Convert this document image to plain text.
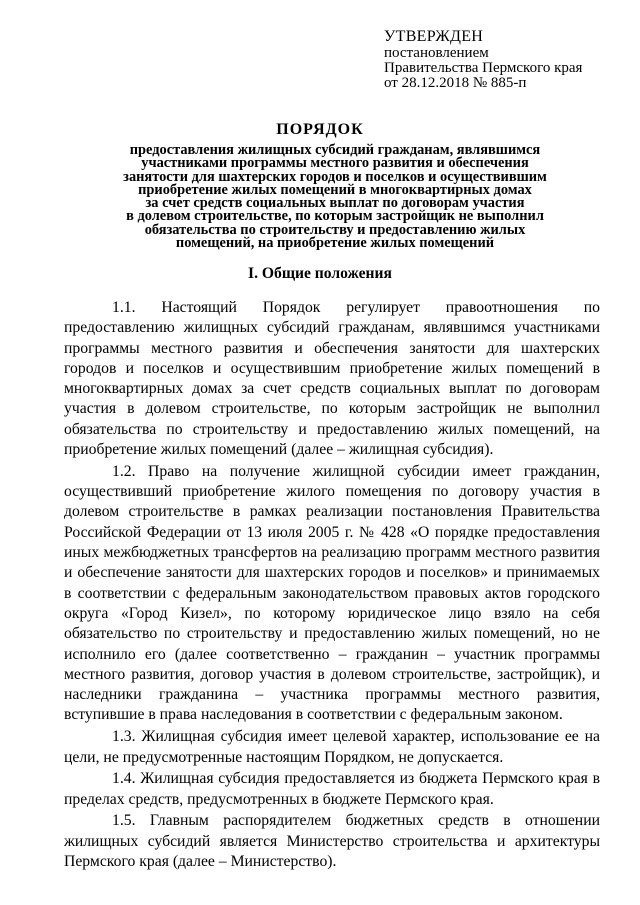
УТВЕРЖДЕН
постановлением
Правительства Пермского края
от 28.12.2018 № 885-п
ПОРЯДОК
предоставления жилищных субсидий гражданам, являвшимся
участниками программы местного развития и обеспечения
занятости для шахтерских городов и поселков и осуществившим
приобретение жилых помещений в многоквартирных домах
за счет средств социальных выплат по договорам участия
в долевом строительстве, по которым застройщик не выполнил
обязательства по строительству и предоставлению жилых
помещений, на приобретение жилых помещений
I. Общие положения

1.1. Настоящий Порядок регулирует правоотношения по предоставлению жилищных субсидий гражданам, являвшимся участниками программы местного развития и обеспечения занятости для шахтерских городов и поселков и осуществившим приобретение жилых помещений в многоквартирных домах за счет средств социальных выплат по договорам участия в долевом строительстве, по которым застройщик не выполнил обязательства по строительству и предоставлению жилых помещений, на приобретение жилых помещений (далее – жилищная субсидия).

1.2. Право на получение жилищной субсидии имеет гражданин, осуществивший приобретение жилого помещения по договору участия в долевом строительстве в рамках реализации постановления Правительства Российской Федерации от 13 июля 2005 г. № 428 «О порядке предоставления иных межбюджетных трансфертов на реализацию программ местного развития и обеспечение занятости для шахтерских городов и поселков» и принимаемых в соответствии с федеральным законодательством правовых актов городского округа «Город Кизел», по которому юридическое лицо взяло на себя обязательство по строительству и предоставлению жилых помещений, но не исполнило его (далее соответственно – гражданин – участник программы местного развития, договор участия в долевом строительстве, застройщик), и наследники гражданина – участника программы местного развития, вступившие в права наследования в соответствии с федеральным законом.

1.3. Жилищная субсидия имеет целевой характер, использование ее на цели, не предусмотренные настоящим Порядком, не допускается.

1.4. Жилищная субсидия предоставляется из бюджета Пермского края в пределах средств, предусмотренных в бюджете Пермского края.

1.5. Главным распорядителем бюджетных средств в отношении жилищных субсидий является Министерство строительства и архитектуры Пермского края (далее – Министерство).
